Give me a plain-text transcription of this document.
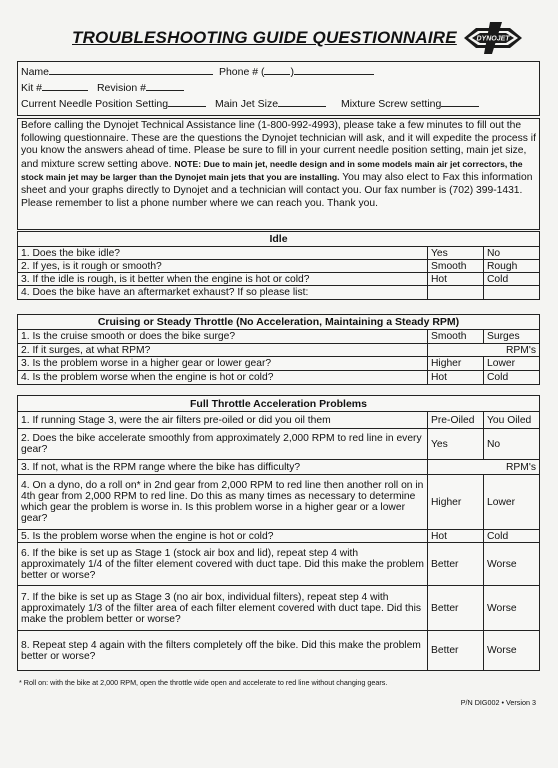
TROUBLESHOOTING GUIDE QUESTIONNAIRE	DYNOJET
Name	Phone # ( )
Kit #	Revision #
Current Needle Position Setting	Main Jet Size	Mixture Screw setting
Before calling the Dynojet Technical Assistance line (1-800-992-4993), please take a few minutes to fill out the following questionnaire. These are the questions the Dynojet technician will ask, and it will expedite the process if you know the answers ahead of time. Please be sure to fill in your current needle position setting, main jet size, and mixture screw setting above. NOTE: Due to main jet, needle design and in some models main air jet correctors, the stock main jet may be larger than the Dynojet main jets that you are installing. You may also elect to Fax this information sheet and your graphs directly to Dynojet and a technician will contact you. Our fax number is (702) 399-1431. Please remember to list a phone number where we can reach you. Thank you.
Idle		
1. Does the bike idle?	Yes	No
2. If yes, is it rough or smooth?	Smooth	Rough
3. If the idle is rough, is it better when the engine is hot or cold?	Hot	Cold
4. Does the bike have an aftermarket exhaust? If so please list:		
Cruising or Steady Throttle (No Acceleration, Maintaining a Steady RPM)		
1. Is the cruise smooth or does the bike surge?	Smooth	Surges
2. If it surges, at what RPM?	RPM's	
3. Is the problem worse in a higher gear or lower gear?	Higher	Lower
4. Is the problem worse when the engine is hot or cold?	Hot	Cold
Full Throttle Acceleration Problems		
1. If running Stage 3, were the air filters pre-oiled or did you oil them	Pre-Oiled	You Oiled
2. Does the bike accelerate smoothly from approximately 2,000 RPM to red line in every gear?	Yes	No
3. If not, what is the RPM range where the bike has difficulty?	RPM's	
4. On a dyno, do a roll on* in 2nd gear from 2,000 RPM to red line then another roll on in 4th gear from 2,000 RPM to red line. Do this as many times as necessary to determine which gear the problem is worse in. Is this problem worse in a higher gear or a lower gear?	Higher	Lower
5. Is the problem worse when the engine is hot or cold?	Hot	Cold
6. If the bike is set up as Stage 1 (stock air box and lid), repeat step 4 with approximately 1/4 of the filter element covered with duct tape. Did this make the problem better or worse?	Better	Worse
7. If the bike is set up as Stage 3 (no air box, individual filters), repeat step 4 with approximately 1/3 of the filter area of each filter element covered with duct tape. Did this make the problem better or worse?	Better	Worse
8. Repeat step 4 again with the filters completely off the bike. Did this make the problem better or worse?	Better	Worse
* Roll on: with the bike at 2,000 RPM, open the throttle wide open and accelerate to red line without changing gears.
P/N DIG002 • Version 3
